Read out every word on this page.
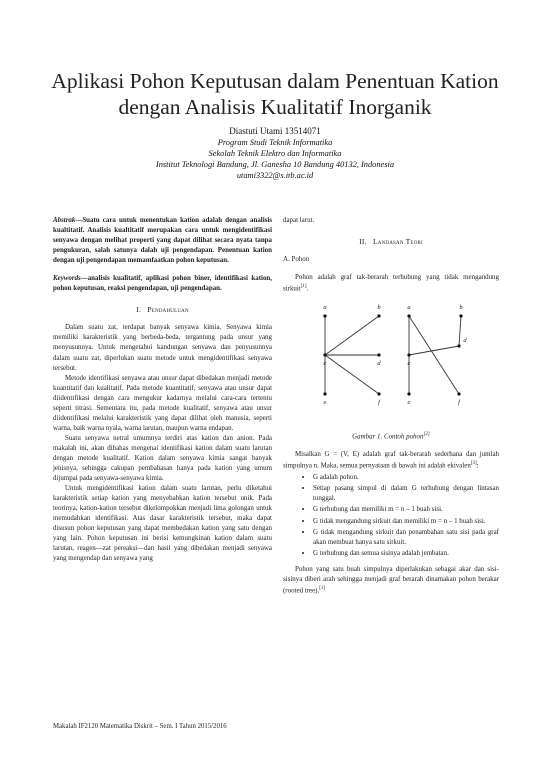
Aplikasi Pohon Keputusan dalam Penentuan Kation
dengan Analisis Kualitatif Inorganik
Diastuti Utami 13514071
Program Studi Teknik Informatika
Sekolah Teknik Elektro dan Informatika
Institut Teknologi Bandung, Jl. Ganesha 10 Bandung 40132, Indonesia
utami3322@s.itb.ac.id
Abstrak—Suatu cara untuk menentukan kation adalah dengan analisis kualtitatif. Analisis kualtitatif merupakan cara untuk mengidentifikasi senyawa dengan melihat properti yang dapat dilihat secara nyata tanpa pengukuran, salah satunya dalah uji pengendapan. Penentuan kation dengan uji pengendapan memamfaatkan pohon keputusan.
Keywords—analisis kualitatif, aplikasi pohon biner, identifikasi kation, pohon keputusan, reaksi pengendapan, uji pengendapan.
I. Pendahuluan

Dalam suatu zat, terdapat banyak senyawa kimia. Senyawa kimia memiliki karakteristik yang berbeda-beda, tergantung pada unsur yang menyusunnya. Untuk mengetahui kandungan senyawa dan penyusunnya dalam suatu zat, diperlukan suatu metode untuk mengidentifikasi senyawa tersebut.

Metode identifikasi senyawa atau unsur dapat dibedakan menjadi metode kuantitatif dan kualitatif. Pada metode kuantitatif, senyawa atau unsur dapat diidentifikasi dengan cara mengukur kadarnya melalui cara-cara tertentu seperti titrasi. Sementara itu, pada metode kualitatif, senyawa atau unsur diidentifikasi melalui karakteristik yang dapat dilihat oleh manusia, seperti warna, baik warna nyala, warna larutan, maupun warna endapan.

Suatu senyawa netral umumnya terdiri atas kation dan anion. Pada makalah ini, akan dibahas mengenai identifikasi kation dalam suatu larutan dengan metode kualitatif. Kation dalam senyawa kimia sangat banyak jenisnya, sehingga cakupan pembahasan hanya pada kation yang umum dijumpai pada senyawa-senyawa kimia.

Untuk mengidentifikasi kation dalam suatu larutan, perlu diketahui karakteristik setiap kation yang menyebabkan kation tersebut unik. Pada teorinya, kation-kation tersebut dikelompokkan menjadi lima golongan untuk memudahkan identifikasi. Atas dasar karakteristik tersebut, maka dapat disusun pohon keputusan yang dapat membedakan kation yang satu dengan yang lain. Pohon keputusan ini berisi kemungkinan kation dalam suatu larutan, reagen—zat pereaksi—dan hasil yang dibedakan menjadi senyawa yang mengendap dan senyawa yang

dapat larut.

II. Landasan Teori
A. Pohon

Pohon adalah graf tak-berarah terhubung yang tidak mengandung sirkuit[1].

a	b	a	b
c	d	c
d
e	f	e	f
Gambar 1. Contoh pohon[2]

Misalkan G = (V, E) adalah graf tak-berarah sederhana dan jumlah simpulnya n. Maka, semua pernyataan di bawah ini adalah ekivalen[3]:

• G adalah pohon.
• Setiap pasang simpul di dalam G terhubung dengan lintasan tunggal.
• G terhubung dan memiliki m = n – 1 buah sisi.
• G tidak mengandung sirkuit dan memiliki m = n – 1 buah sisi.
• G tidak mengandung sirkuit dan penambahan satu sisi pada graf akan membuat hanya satu sirkuit.
• G terhubung dan semua sisinya adalah jembatan.

Pohon yang satu buah simpulnya diperlakukan sebagai akar dan sisi-sisinya diberi arah sehingga menjadi graf berarah dinamakan pohon berakar (rooted tree).[1]

Makalah IF2120 Matematika Diskrit – Sem. I Tahun 2015/2016
